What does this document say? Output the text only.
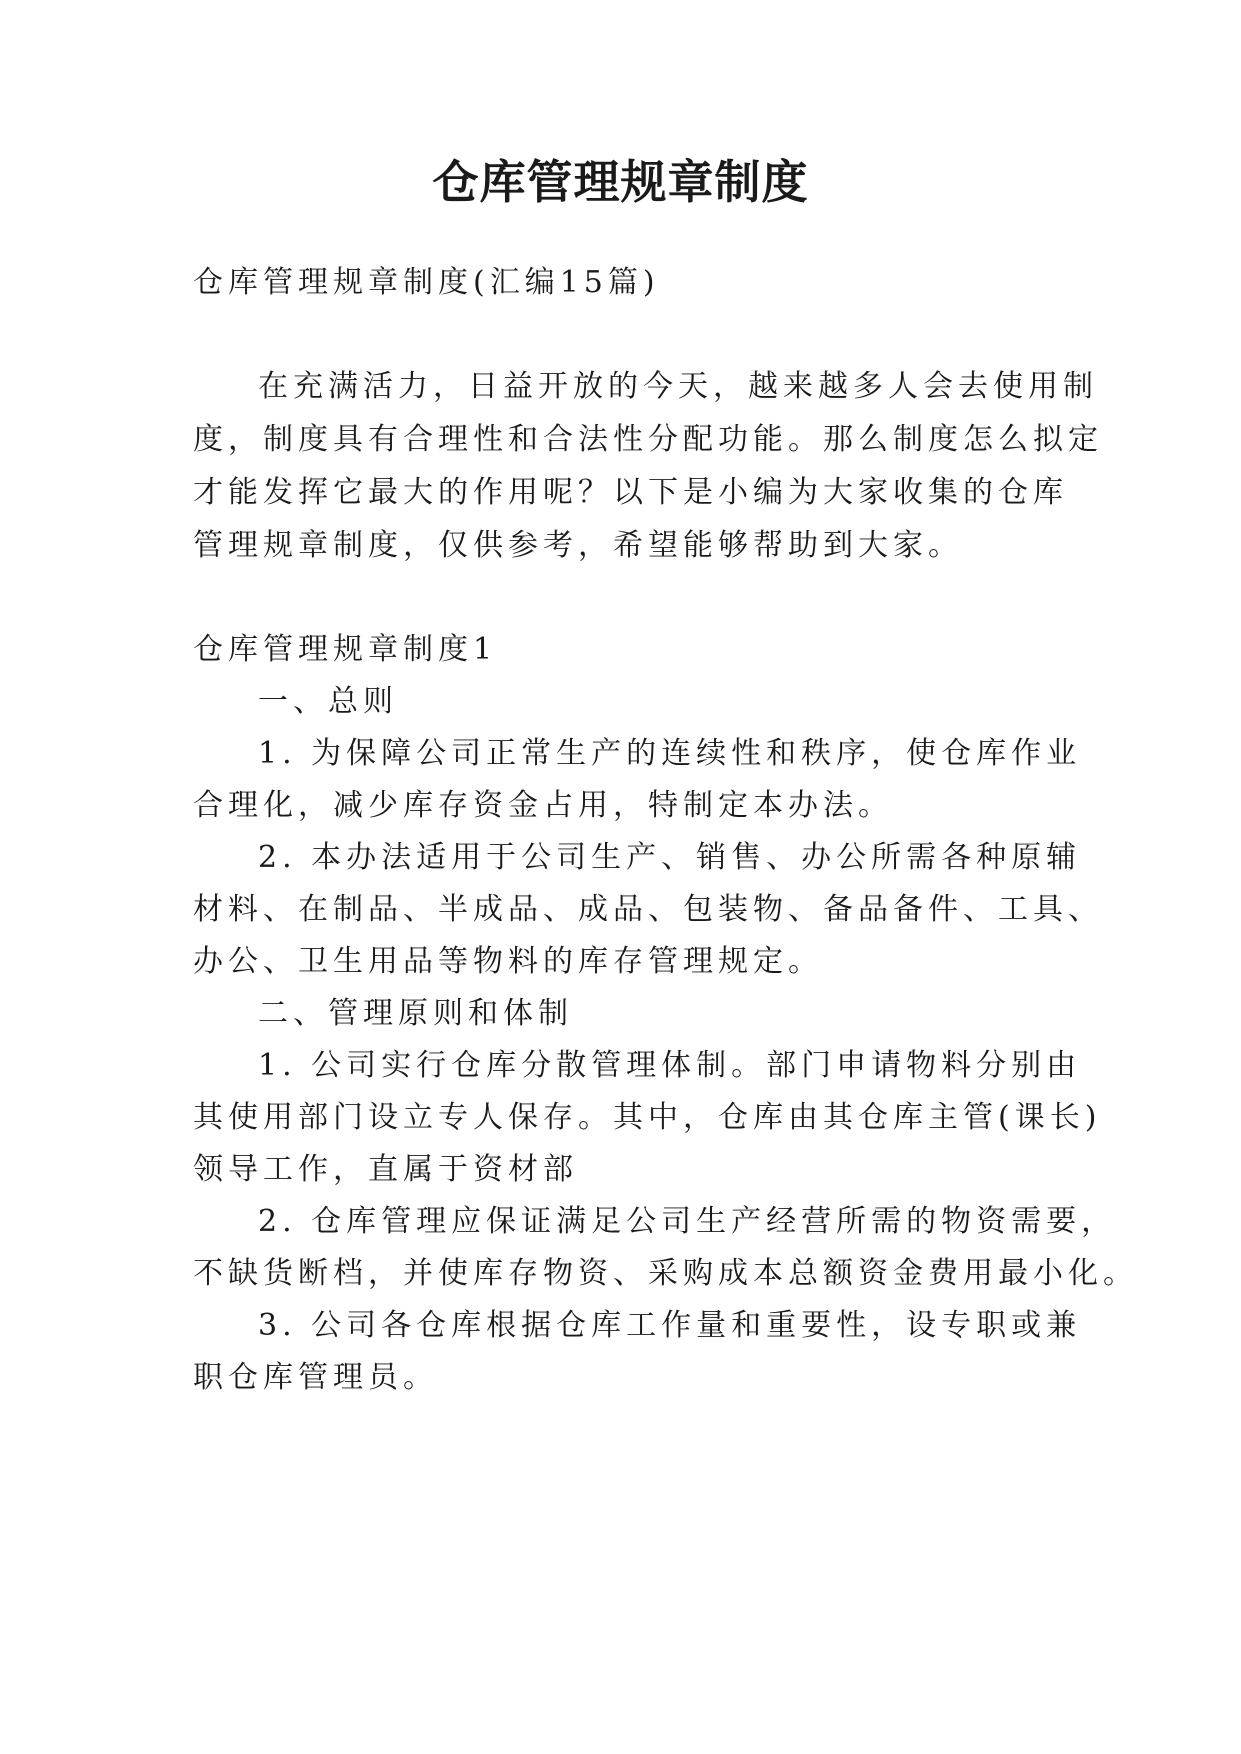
仓库管理规章制度
仓库管理规章制度(汇编15篇)
在充满活力，日益开放的今天，越来越多人会去使用制
度，制度具有合理性和合法性分配功能。那么制度怎么拟定
才能发挥它最大的作用呢？以下是小编为大家收集的仓库
管理规章制度，仅供参考，希望能够帮助到大家。
仓库管理规章制度1
一、总则
1. 为保障公司正常生产的连续性和秩序，使仓库作业
合理化，减少库存资金占用，特制定本办法。
2. 本办法适用于公司生产、销售、办公所需各种原辅
材料、在制品、半成品、成品、包装物、备品备件、工具、
办公、卫生用品等物料的库存管理规定。
二、管理原则和体制
1. 公司实行仓库分散管理体制。部门申请物料分别由
其使用部门设立专人保存。其中，仓库由其仓库主管(课长)
领导工作，直属于资材部
2. 仓库管理应保证满足公司生产经营所需的物资需要，
不缺货断档，并使库存物资、采购成本总额资金费用最小化。
3. 公司各仓库根据仓库工作量和重要性，设专职或兼
职仓库管理员。
